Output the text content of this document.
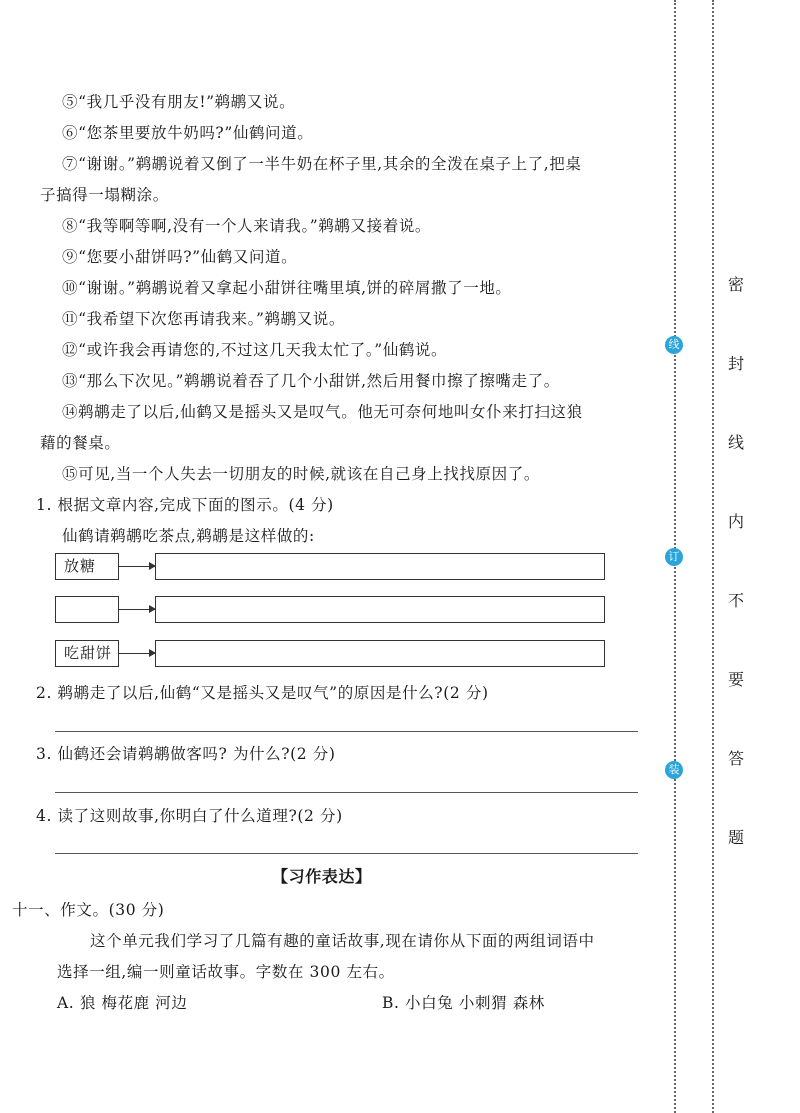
⑤“我几乎没有朋友!”鹈鹕又说。
⑥“您茶里要放牛奶吗?”仙鹤问道。
⑦“谢谢。”鹈鹕说着又倒了一半牛奶在杯子里,其余的全泼在桌子上了,把桌
子搞得一塌糊涂。
⑧“我等啊等啊,没有一个人来请我。”鹈鹕又接着说。
⑨“您要小甜饼吗?”仙鹤又问道。
⑩“谢谢。”鹈鹕说着又拿起小甜饼往嘴里填,饼的碎屑撒了一地。
⑪“我希望下次您再请我来。”鹈鹕又说。
⑫“或许我会再请您的,不过这几天我太忙了。”仙鹤说。
⑬“那么下次见。”鹈鹕说着吞了几个小甜饼,然后用餐巾擦了擦嘴走了。
⑭鹈鹕走了以后,仙鹤又是摇头又是叹气。他无可奈何地叫女仆来打扫这狼
藉的餐桌。
⑮可见,当一个人失去一切朋友的时候,就该在自己身上找找原因了。
1. 根据文章内容,完成下面的图示。(4 分)
仙鹤请鹈鹕吃茶点,鹈鹕是这样做的:
放糖
吃甜饼
2. 鹈鹕走了以后,仙鹤“又是摇头又是叹气”的原因是什么?(2 分)
3. 仙鹤还会请鹈鹕做客吗? 为什么?(2 分)
4. 读了这则故事,你明白了什么道理?(2 分)
【习作表达】
十一、作文。(30 分)
这个单元我们学习了几篇有趣的童话故事,现在请你从下面的两组词语中
选择一组,编一则童话故事。字数在 300 左右。
A. 狼 梅花鹿 河边	B. 小白兔 小刺猬 森林
线
订
装
密
封
线
内
不
要
答
题
